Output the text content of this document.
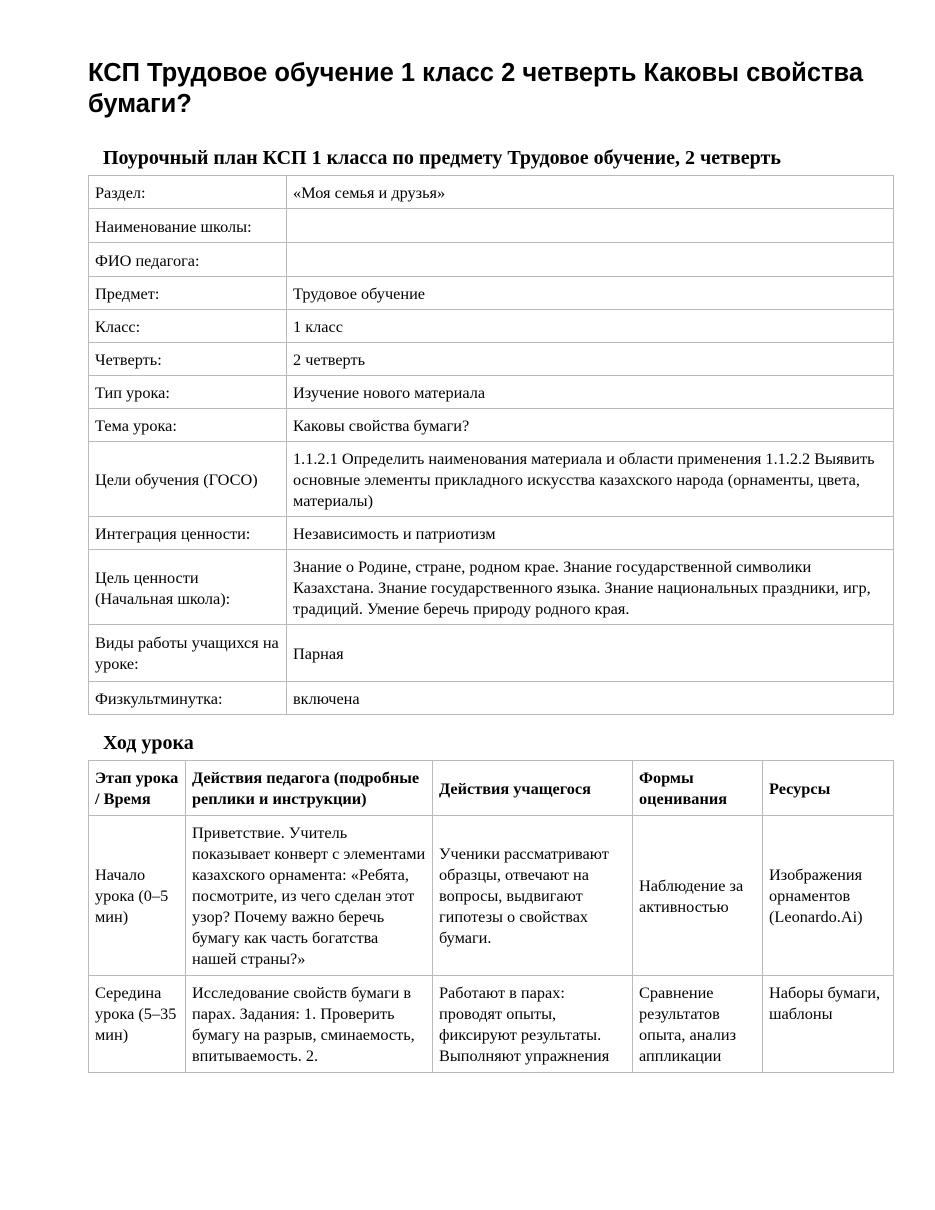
КСП Трудовое обучение 1 класс 2 четверть Каковы свойства бумаги?
Поурочный план КСП 1 класса по предмету Трудовое обучение, 2 четверть
Раздел:	«Моя семья и друзья»
Наименование школы:	
ФИО педагога:	
Предмет:	Трудовое обучение
Класс:	1 класс
Четверть:	2 четверть
Тип урока:	Изучение нового материала
Тема урока:	Каковы свойства бумаги?
Цели обучения (ГОСО)	1.1.2.1 Определить наименования материала и области применения 1.1.2.2 Выявить основные элементы прикладного искусства казахского народа (орнаменты, цвета, материалы)
Интеграция ценности:	Независимость и патриотизм
Цель ценности (Начальная школа):	Знание о Родине, стране, родном крае. Знание государственной символики Казахстана. Знание государственного языка. Знание национальных праздники, игр, традиций. Умение беречь природу родного края.
Виды работы учащихся на уроке:	Парная
Физкультминутка:	включена
Ход урока
Этап урока / Время	Действия педагога (подробные реплики и инструкции)	Действия учащегося	Формы оценивания	Ресурсы
Начало урока (0–5 мин)	Приветствие. Учитель показывает конверт с элементами казахского орнамента: «Ребята, посмотрите, из чего сделан этот узор? Почему важно беречь бумагу как часть богатства нашей страны?»	Ученики рассматривают образцы, отвечают на вопросы, выдвигают гипотезы о свойствах бумаги.	Наблюдение за активностью	Изображения орнаментов (Leonardo.Ai)
Середина урока (5–35 мин)	Исследование свойств бумаги в парах. Задания: 1. Проверить бумагу на разрыв, сминаемость, впитываемость. 2.	Работают в парах: проводят опыты, фиксируют результаты. Выполняют упражнения	Сравнение результатов опыта, анализ аппликации	Наборы бумаги, шаблоны
